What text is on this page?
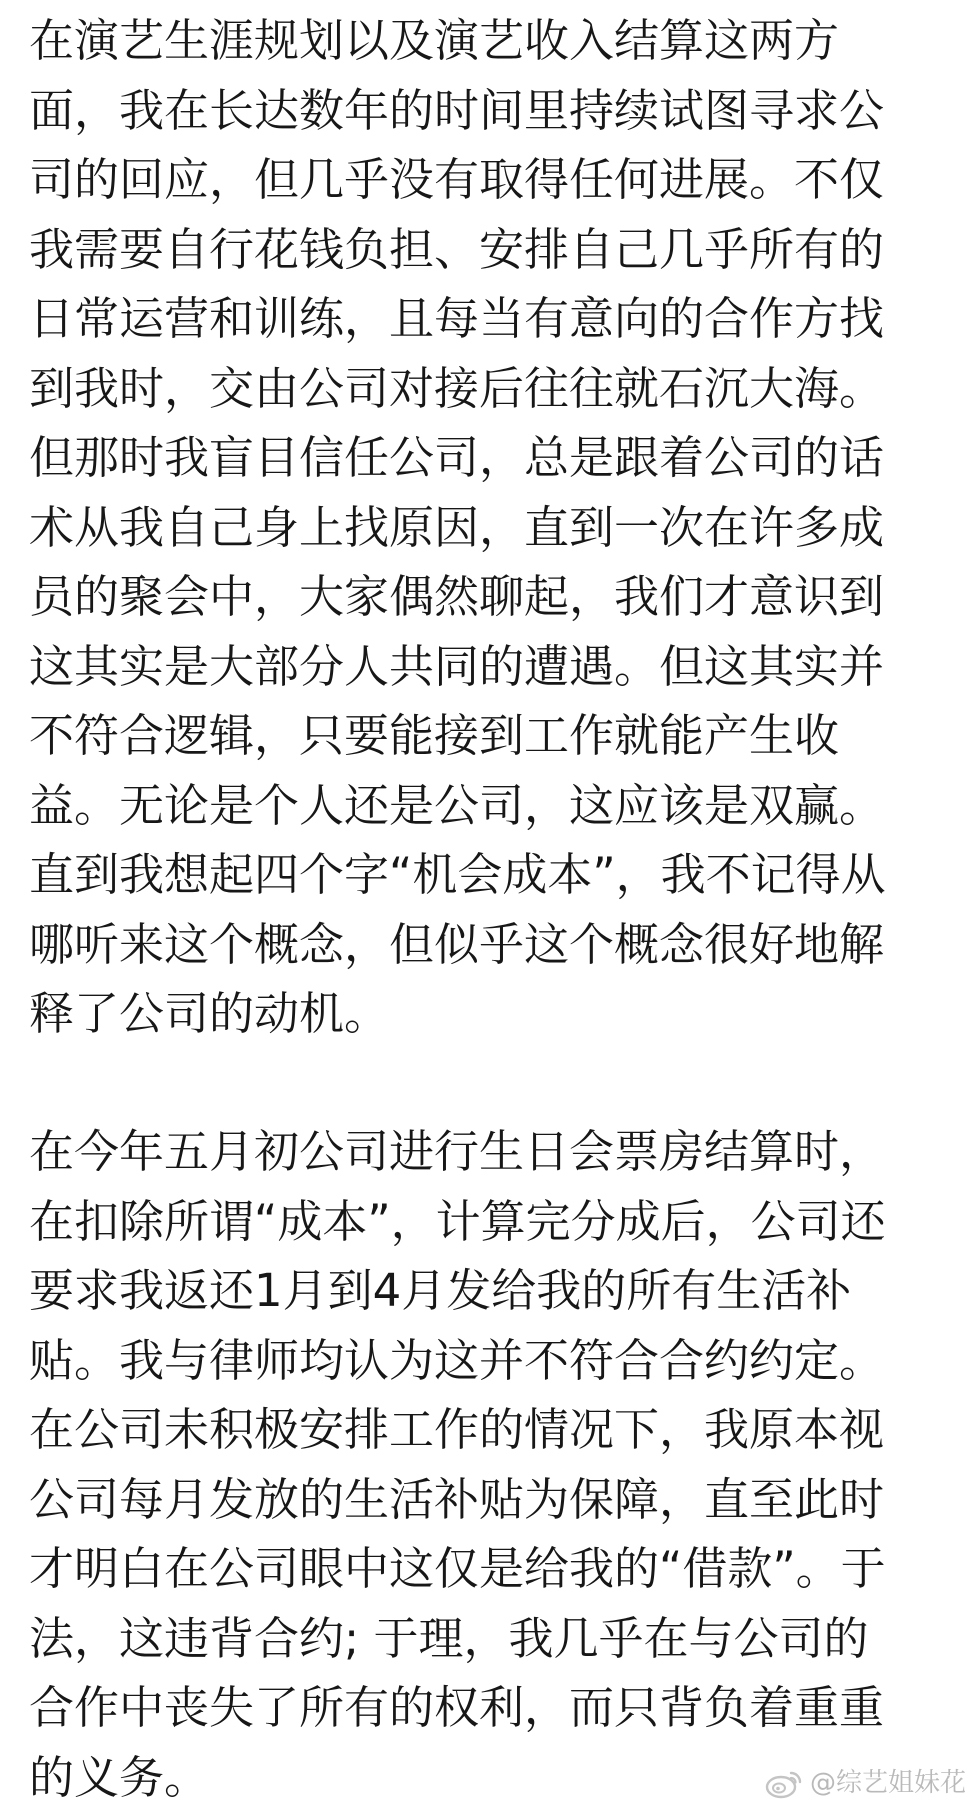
在演艺生涯规划以及演艺收入结算这两方
面，我在长达数年的时间里持续试图寻求公
司的回应，但几乎没有取得任何进展。不仅
我需要自行花钱负担、安排自己几乎所有的
日常运营和训练，且每当有意向的合作方找
到我时，交由公司对接后往往就石沉大海。
但那时我盲目信任公司，总是跟着公司的话
术从我自己身上找原因，直到一次在许多成
员的聚会中，大家偶然聊起，我们才意识到
这其实是大部分人共同的遭遇。但这其实并
不符合逻辑，只要能接到工作就能产生收
益。无论是个人还是公司，这应该是双赢。
直到我想起四个字“机会成本”，我不记得从
哪听来这个概念，但似乎这个概念很好地解
释了公司的动机。
在今年五月初公司进行生日会票房结算时，
在扣除所谓“成本”，计算完分成后，公司还
要求我返还1月到4月发给我的所有生活补
贴。我与律师均认为这并不符合合约约定。
在公司未积极安排工作的情况下，我原本视
公司每月发放的生活补贴为保障，直至此时
才明白在公司眼中这仅是给我的“借款”。于
法，这违背合约; 于理，我几乎在与公司的
合作中丧失了所有的权利，而只背负着重重
的义务。	@综艺姐妹花
